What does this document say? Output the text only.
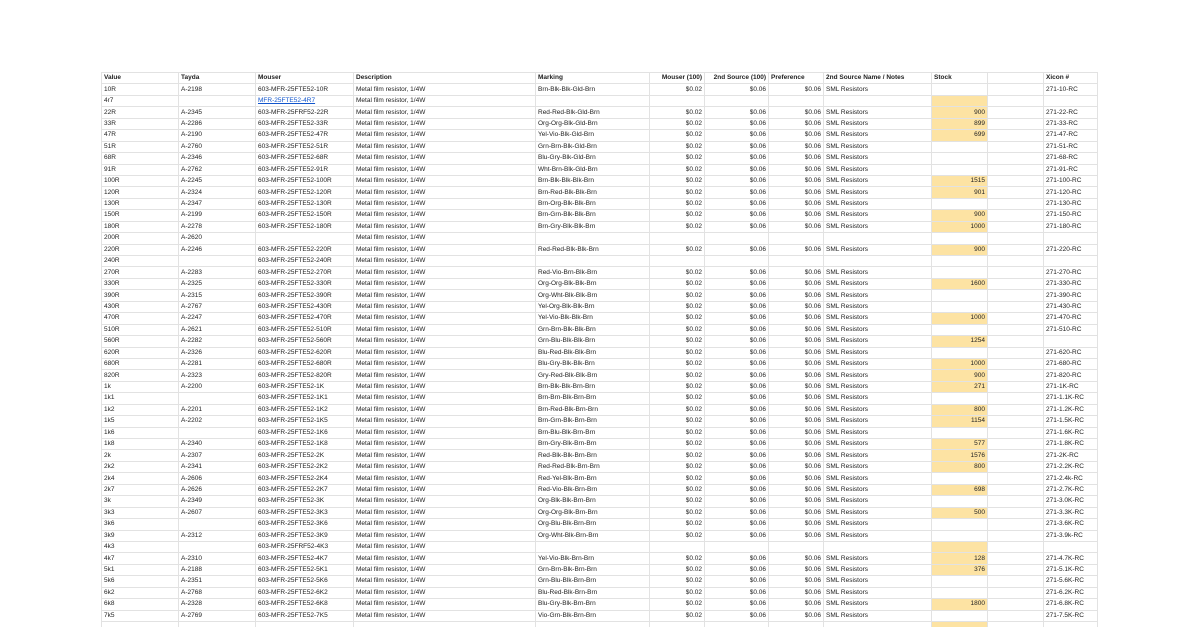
Value	Tayda	Mouser	Description	Marking	Mouser (100)	2nd Source (100)	Preference	2nd Source Name / Notes	Stock		Xicon #
10R	A-2198	603-MFR-25FTE52-10R	Metal film resistor, 1/4W	Brn-Blk-Blk-Gld-Brn	$0.02	$0.06	$0.06	SML Resistors			271-10-RC
4r7		MFR-25FTE52-4R7	Metal film resistor, 1/4W								
22R	A-2345	603-MFR-25FRF52-22R	Metal film resistor, 1/4W	Red-Red-Blk-Gld-Brn	$0.02	$0.06	$0.06	SML Resistors	900		271-22-RC
33R	A-2286	603-MFR-25FTE52-33R	Metal film resistor, 1/4W	Org-Org-Blk-Gld-Brn	$0.02	$0.06	$0.06	SML Resistors	899		271-33-RC
47R	A-2190	603-MFR-25FTE52-47R	Metal film resistor, 1/4W	Yel-Vio-Blk-Gld-Brn	$0.02	$0.06	$0.06	SML Resistors	699		271-47-RC
51R	A-2760	603-MFR-25FTE52-51R	Metal film resistor, 1/4W	Grn-Brn-Blk-Gld-Brn	$0.02	$0.06	$0.06	SML Resistors			271-51-RC
68R	A-2346	603-MFR-25FTE52-68R	Metal film resistor, 1/4W	Blu-Gry-Blk-Gld-Brn	$0.02	$0.06	$0.06	SML Resistors			271-68-RC
91R	A-2762	603-MFR-25FTE52-91R	Metal film resistor, 1/4W	Wht-Brn-Blk-Gld-Brn	$0.02	$0.06	$0.06	SML Resistors			271-91-RC
100R	A-2245	603-MFR-25FTE52-100R	Metal film resistor, 1/4W	Brn-Blk-Blk-Blk-Brn	$0.02	$0.06	$0.06	SML Resistors	1515		271-100-RC
120R	A-2324	603-MFR-25FTE52-120R	Metal film resistor, 1/4W	Brn-Red-Blk-Blk-Brn	$0.02	$0.06	$0.06	SML Resistors	901		271-120-RC
130R	A-2347	603-MFR-25FTE52-130R	Metal film resistor, 1/4W	Brn-Org-Blk-Blk-Brn	$0.02	$0.06	$0.06	SML Resistors			271-130-RC
150R	A-2199	603-MFR-25FTE52-150R	Metal film resistor, 1/4W	Brn-Grn-Blk-Blk-Brn	$0.02	$0.06	$0.06	SML Resistors	900		271-150-RC
180R	A-2278	603-MFR-25FTE52-180R	Metal film resistor, 1/4W	Brn-Gry-Blk-Blk-Brn	$0.02	$0.06	$0.06	SML Resistors	1000		271-180-RC
200R	A-2620		Metal film resistor, 1/4W								
220R	A-2246	603-MFR-25FTE52-220R	Metal film resistor, 1/4W	Red-Red-Blk-Blk-Brn	$0.02	$0.06	$0.06	SML Resistors	900		271-220-RC
240R		603-MFR-25FTE52-240R	Metal film resistor, 1/4W								
270R	A-2283	603-MFR-25FTE52-270R	Metal film resistor, 1/4W	Red-Vio-Brn-Blk-Brn	$0.02	$0.06	$0.06	SML Resistors			271-270-RC
330R	A-2325	603-MFR-25FTE52-330R	Metal film resistor, 1/4W	Org-Org-Blk-Blk-Brn	$0.02	$0.06	$0.06	SML Resistors	1600		271-330-RC
390R	A-2315	603-MFR-25FTE52-390R	Metal film resistor, 1/4W	Org-Wht-Blk-Blk-Brn	$0.02	$0.06	$0.06	SML Resistors			271-390-RC
430R	A-2767	603-MFR-25FTE52-430R	Metal film resistor, 1/4W	Yel-Org-Blk-Blk-Brn	$0.02	$0.06	$0.06	SML Resistors			271-430-RC
470R	A-2247	603-MFR-25FTE52-470R	Metal film resistor, 1/4W	Yel-Vio-Blk-Blk-Brn	$0.02	$0.06	$0.06	SML Resistors	1000		271-470-RC
510R	A-2621	603-MFR-25FTE52-510R	Metal film resistor, 1/4W	Grn-Brn-Blk-Blk-Brn	$0.02	$0.06	$0.06	SML Resistors			271-510-RC
560R	A-2282	603-MFR-25FTE52-560R	Metal film resistor, 1/4W	Grn-Blu-Blk-Blk-Brn	$0.02	$0.06	$0.06	SML Resistors	1254		
620R	A-2326	603-MFR-25FTE52-620R	Metal film resistor, 1/4W	Blu-Red-Blk-Blk-Brn	$0.02	$0.06	$0.06	SML Resistors			271-620-RC
680R	A-2281	603-MFR-25FTE52-680R	Metal film resistor, 1/4W	Blu-Gry-Blk-Blk-Brn	$0.02	$0.06	$0.06	SML Resistors	1000		271-680-RC
820R	A-2323	603-MFR-25FTE52-820R	Metal film resistor, 1/4W	Gry-Red-Blk-Blk-Brn	$0.02	$0.06	$0.06	SML Resistors	900		271-820-RC
1k	A-2200	603-MFR-25FTE52-1K	Metal film resistor, 1/4W	Brn-Blk-Blk-Brn-Brn	$0.02	$0.06	$0.06	SML Resistors	271		271-1K-RC
1k1		603-MFR-25FTE52-1K1	Metal film resistor, 1/4W	Brn-Brn-Blk-Brn-Brn	$0.02	$0.06	$0.06	SML Resistors			271-1.1K-RC
1k2	A-2201	603-MFR-25FTE52-1K2	Metal film resistor, 1/4W	Brn-Red-Blk-Brn-Brn	$0.02	$0.06	$0.06	SML Resistors	800		271-1.2K-RC
1k5	A-2202	603-MFR-25FTE52-1K5	Metal film resistor, 1/4W	Brn-Grn-Blk-Brn-Brn	$0.02	$0.06	$0.06	SML Resistors	1154		271-1.5K-RC
1k6		603-MFR-25FTE52-1K6	Metal film resistor, 1/4W	Brn-Blu-Blk-Brn-Brn	$0.02	$0.06	$0.06	SML Resistors			271-1.6K-RC
1k8	A-2340	603-MFR-25FTE52-1K8	Metal film resistor, 1/4W	Brn-Gry-Blk-Brn-Brn	$0.02	$0.06	$0.06	SML Resistors	577		271-1.8K-RC
2k	A-2307	603-MFR-25FTE52-2K	Metal film resistor, 1/4W	Red-Blk-Blk-Brn-Brn	$0.02	$0.06	$0.06	SML Resistors	1576		271-2K-RC
2k2	A-2341	603-MFR-25FTE52-2K2	Metal film resistor, 1/4W	Red-Red-Blk-Brn-Brn	$0.02	$0.06	$0.06	SML Resistors	800		271-2.2K-RC
2k4	A-2606	603-MFR-25FTE52-2K4	Metal film resistor, 1/4W	Red-Yel-Blk-Brn-Brn	$0.02	$0.06	$0.06	SML Resistors			271-2.4k-RC
2k7	A-2626	603-MFR-25FTE52-2K7	Metal film resistor, 1/4W	Red-Vio-Blk-Brn-Brn	$0.02	$0.06	$0.06	SML Resistors	698		271-2.7K-RC
3k	A-2349	603-MFR-25FTE52-3K	Metal film resistor, 1/4W	Org-Blk-Blk-Brn-Brn	$0.02	$0.06	$0.06	SML Resistors			271-3.0K-RC
3k3	A-2607	603-MFR-25FTE52-3K3	Metal film resistor, 1/4W	Org-Org-Blk-Brn-Brn	$0.02	$0.06	$0.06	SML Resistors	500		271-3.3K-RC
3k6		603-MFR-25FTE52-3K6	Metal film resistor, 1/4W	Org-Blu-Blk-Brn-Brn	$0.02	$0.06	$0.06	SML Resistors			271-3.6K-RC
3k9	A-2312	603-MFR-25FTE52-3K9	Metal film resistor, 1/4W	Org-Wht-Blk-Brn-Brn	$0.02	$0.06	$0.06	SML Resistors			271-3.9k-RC
4k3		603-MFR-25FRF52-4K3	Metal film resistor, 1/4W								
4k7	A-2310	603-MFR-25FTE52-4K7	Metal film resistor, 1/4W	Yel-Vio-Blk-Brn-Brn	$0.02	$0.06	$0.06	SML Resistors	128		271-4.7K-RC
5k1	A-2188	603-MFR-25FTE52-5K1	Metal film resistor, 1/4W	Grn-Brn-Blk-Brn-Brn	$0.02	$0.06	$0.06	SML Resistors	376		271-5.1K-RC
5k6	A-2351	603-MFR-25FTE52-5K6	Metal film resistor, 1/4W	Grn-Blu-Blk-Brn-Brn	$0.02	$0.06	$0.06	SML Resistors			271-5.6K-RC
6k2	A-2768	603-MFR-25FTE52-6K2	Metal film resistor, 1/4W	Blu-Red-Blk-Brn-Brn	$0.02	$0.06	$0.06	SML Resistors			271-6.2K-RC
6k8	A-2328	603-MFR-25FTE52-6K8	Metal film resistor, 1/4W	Blu-Gry-Blk-Brn-Brn	$0.02	$0.06	$0.06	SML Resistors	1800		271-6.8K-RC
7k5	A-2769	603-MFR-25FTE52-7K5	Metal film resistor, 1/4W	Vio-Grn-Blk-Brn-Brn	$0.02	$0.06	$0.06	SML Resistors			271-7.5K-RC
